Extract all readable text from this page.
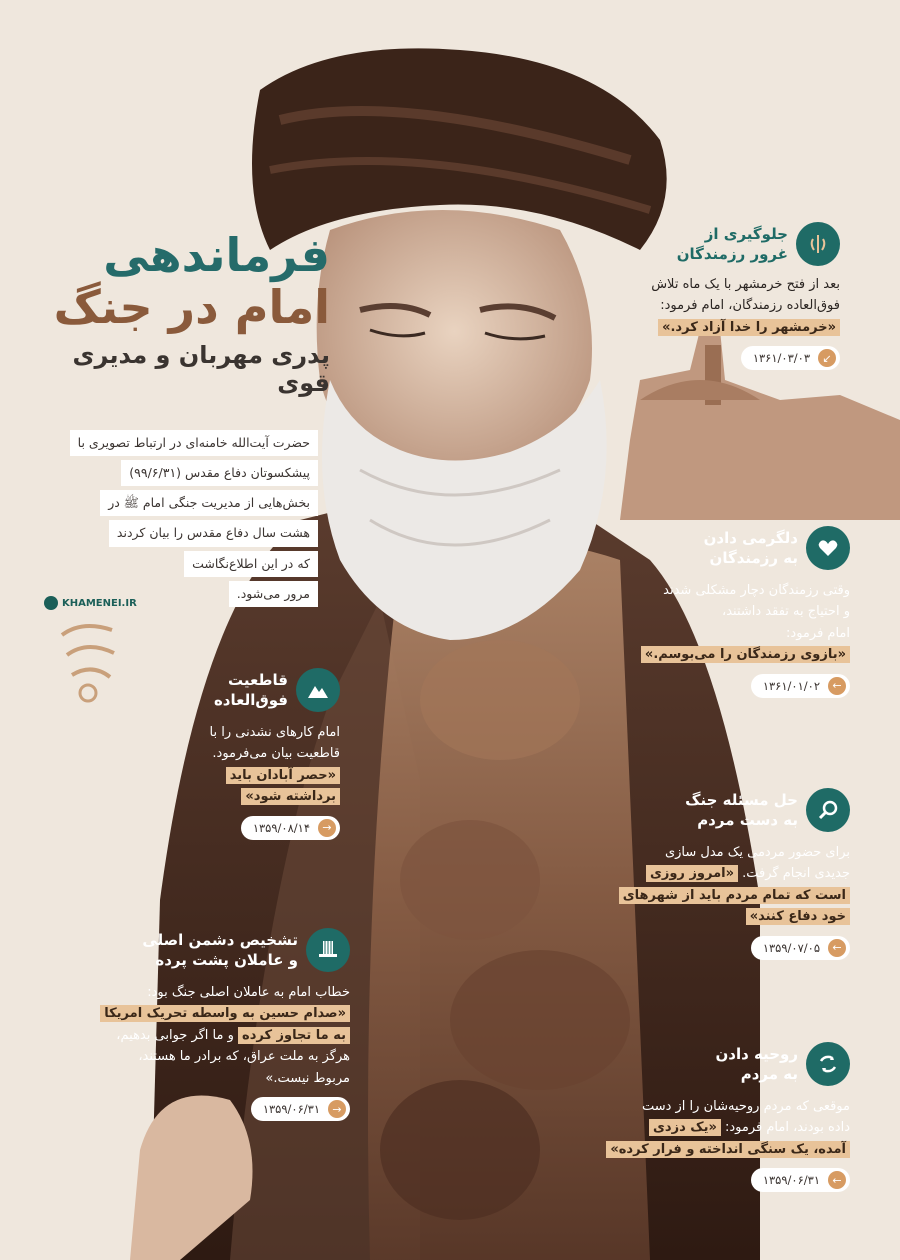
فرماندهی
امام در جنگ
پدری مهربان و مدیری قوی
حضرت آیت‌الله خامنه‌ای در ارتباط تصویری با
پیشکسوتان دفاع مقدس (۹۹/۶/۳۱)
بخش‌هایی از مدیریت جنگی امام ﷺ در
هشت سال دفاع مقدس را بیان کردند
که در این اطلاع‌نگاشت
مرور می‌شود.
KHAMENEI.IR
جلوگیری از
غرور رزمندگان
بعد از فتح خرمشهر با یک ماه تلاش
فوق‌العاده رزمندگان، امام فرمود:
«خرمشهر را خدا آزاد کرد.»
↙
۱۳۶۱/۰۳/۰۳
دلگرمی دادن
به رزمندگان
وقتی رزمندگان دچار مشکلی شدند
و احتیاج به تفقد داشتند،
امام فرمود:
«بازوی رزمندگان را می‌بوسم.»
←
۱۳۶۱/۰۱/۰۲
قاطعیت
فوق‌العاده
امام کارهای نشدنی را با
قاطعیت بیان می‌فرمود.
«حصر آبادان باید
برداشته شود»
→
۱۳۵۹/۰۸/۱۴
حل مسئله جنگ
به دست مردم
برای حضور مردمی یک مدل سازی
جدیدی انجام گرفت. «امروز روزی
است که تمام مردم باید از شهرهای
خود دفاع کنند»
←
۱۳۵۹/۰۷/۰۵
تشخیص دشمن اصلی
و عاملان پشت پرده
خطاب امام به عاملان اصلی جنگ بود:
«صدام حسین به واسطه تحریک امریکا
به ما تجاوز کرده و ما اگر جوابی بدهیم،
هرگز به ملت عراق، که برادر ما هستند،
مربوط نیست.»
→
۱۳۵۹/۰۶/۳۱
روحیه دادن
به مردم
موقعی که مردم روحیه‌شان را از دست
داده بودند، امام فرمود: «یک دزدی
آمده، یک سنگی انداخته و فرار کرده»
←
۱۳۵۹/۰۶/۳۱
